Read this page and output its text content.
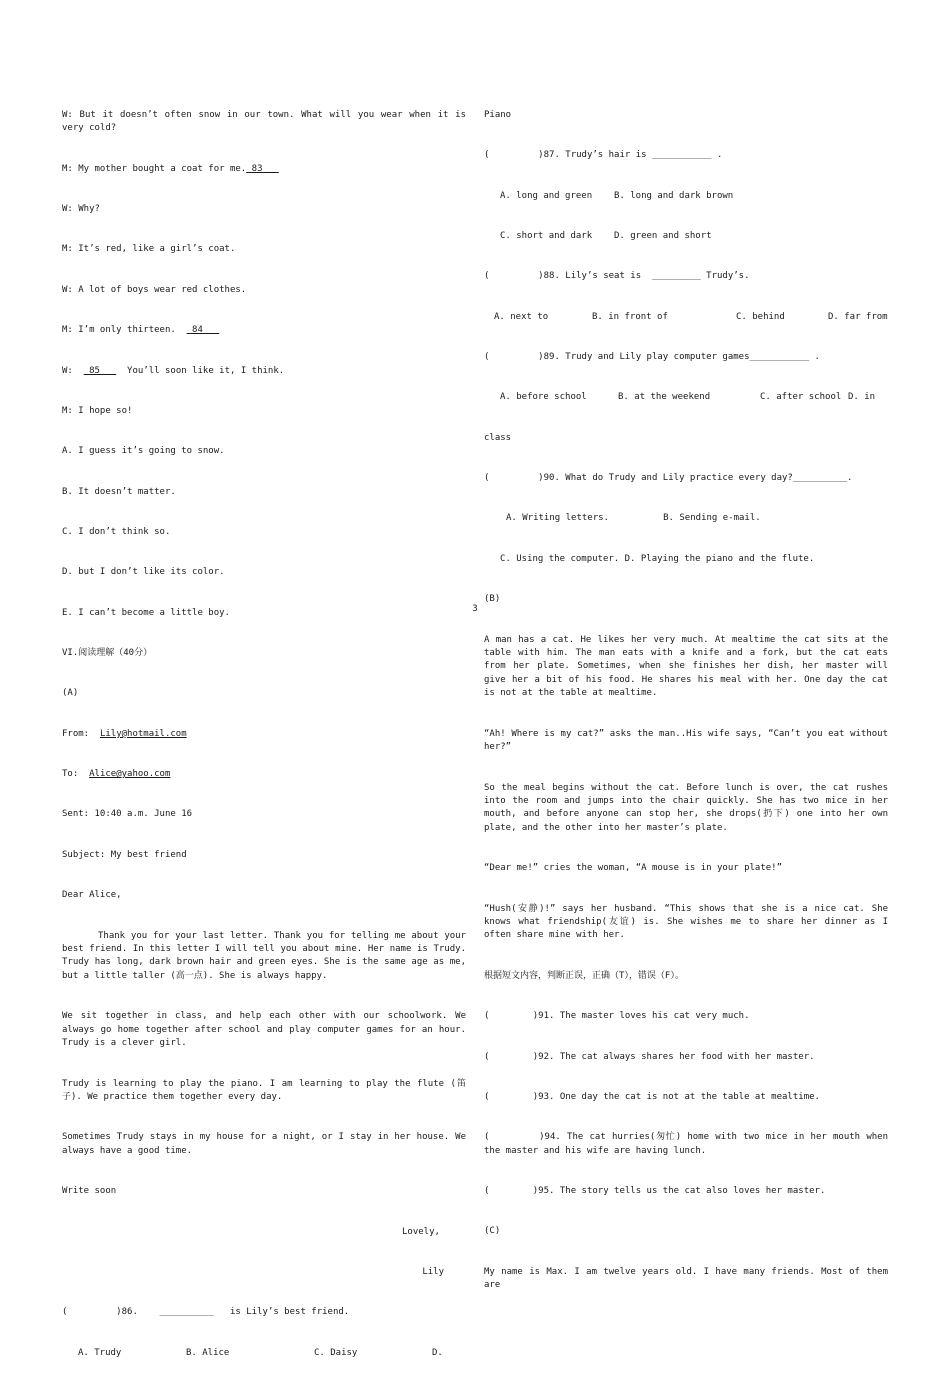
W: But it doesn’t often snow in our town. What will you wear when it is very cold?

M: My mother bought a coat for me. 83

W: Why?

M: It’s red, like a girl’s coat.

W: A lot of boys wear red clothes.

M: I’m only thirteen.   84

W:   85     You’ll soon like it, I think.

M: I hope so!

A. I guess it’s going to snow.

B. It doesn’t matter.

C. I don’t think so.

D. but I don’t like its color.

E. I can’t become a little boy.

VI.阅读理解（40分）

(A)

From: Lily@hotmail.com

To: Alice@yahoo.com

Sent: 10:40 a.m. June 16

Subject: My best friend

Dear Alice,

Thank you for your last letter. Thank you for telling me about your best friend. In this letter I will tell you about mine. Her name is Trudy. Trudy has long, dark brown hair and green eyes. She is the same age as me, but a little taller (高一点). She is always happy.

We sit together in class, and help each other with our schoolwork. We always go home together after school and play computer games for an hour. Trudy is a clever girl.

Trudy is learning to play the piano. I am learning to play the flute (笛子). We practice them together every day.

Sometimes Trudy stays in my house for a night, or I stay in her house. We always have a good time.

Write soon

Lovely,

Lily

(         )86. __________ is Lily’s best friend.

A. Trudy	B. Alice	C. Daisy	D.

Piano

(         )87. Trudy’s hair is ___________ .

A. long and green B. long and dark brown

C. short and dark D. green and short

(         )88. Lily’s seat is  _________ Trudy’s.

A. next to	B. in front of	C. behind	D. far from

(         )89. Trudy and Lily play computer games___________ .

A. before school	B. at the weekend	C. after school D. in

class

(         )90. What do Trudy and Lily practice every day?__________.

A. Writing letters.          B. Sending e-mail.

C. Using the computer. D. Playing the piano and the flute.

(B)

A man has a cat. He likes her very much. At mealtime the cat sits at the table with him. The man eats with a knife and a fork, but the cat eats from her plate. Sometimes, when she finishes her dish, her master will give her a bit of his food. He shares his meal with her. One day the cat is not at the table at mealtime.

“Ah! Where is my cat?” asks the man..His wife says, “Can’t you eat without her?”

So the meal begins without the cat. Before lunch is over, the cat rushes into the room and jumps into the chair quickly. She has two mice in her mouth, and before anyone can stop her, she drops(扔下) one into her own plate, and the other into her master’s plate.

“Dear me!” cries the woman, “A mouse is in your plate!”

“Hush(安静)!” says her husband. “This shows that she is a nice cat. She knows what friendship(友谊) is. She wishes me to share her dinner as I often share mine with her.

根据短文内容，判断正误，正确（T），错误（F）。

(        )91. The master loves his cat very much.

(        )92. The cat always shares her food with her master.

(        )93. One day the cat is not at the table at mealtime.

(        )94. The cat hurries(匆忙) home with two mice in her mouth when the master and his wife are having lunch.

(        )95. The story tells us the cat also loves her master.

(C)

My name is Max. I am twelve years old. I have many friends. Most of them are

3
